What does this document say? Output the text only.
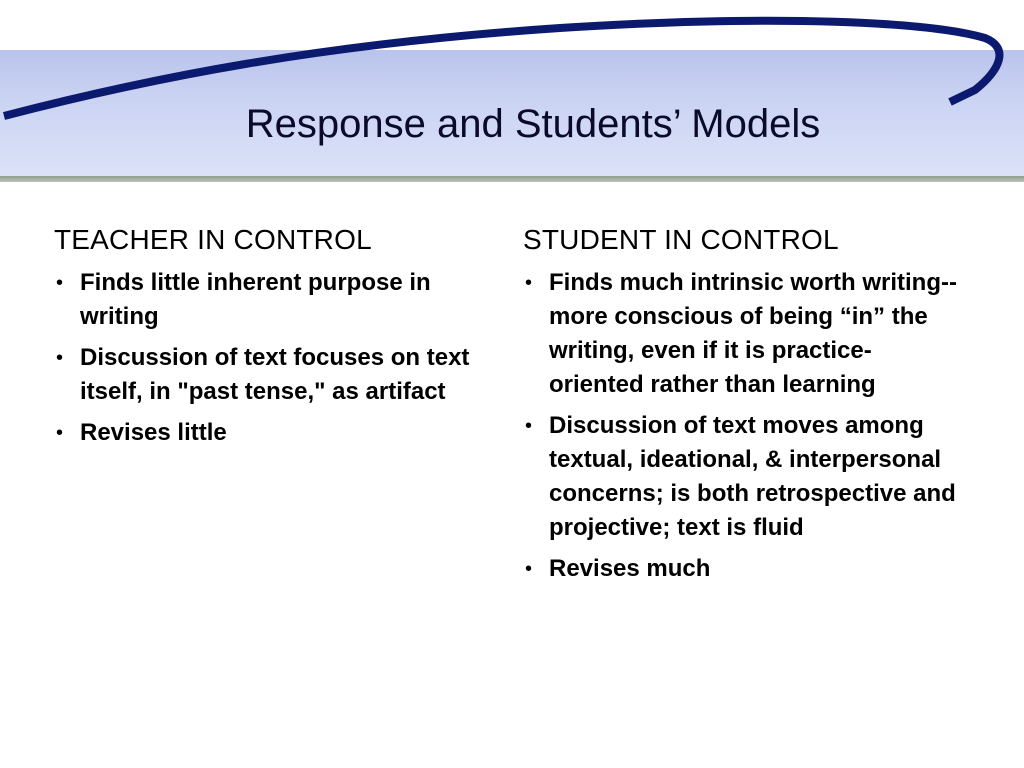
Response and Students’ Models
TEACHER IN CONTROL
• Finds little inherent purpose in writing
• Discussion of text focuses on text itself, in "past tense," as artifact
• Revises little
STUDENT IN CONTROL
• Finds much intrinsic worth writing--more conscious of being “in” the writing, even if it is practice-oriented rather than learning
• Discussion of text moves among textual, ideational, & interpersonal concerns; is both retrospective and projective; text is fluid
• Revises much
